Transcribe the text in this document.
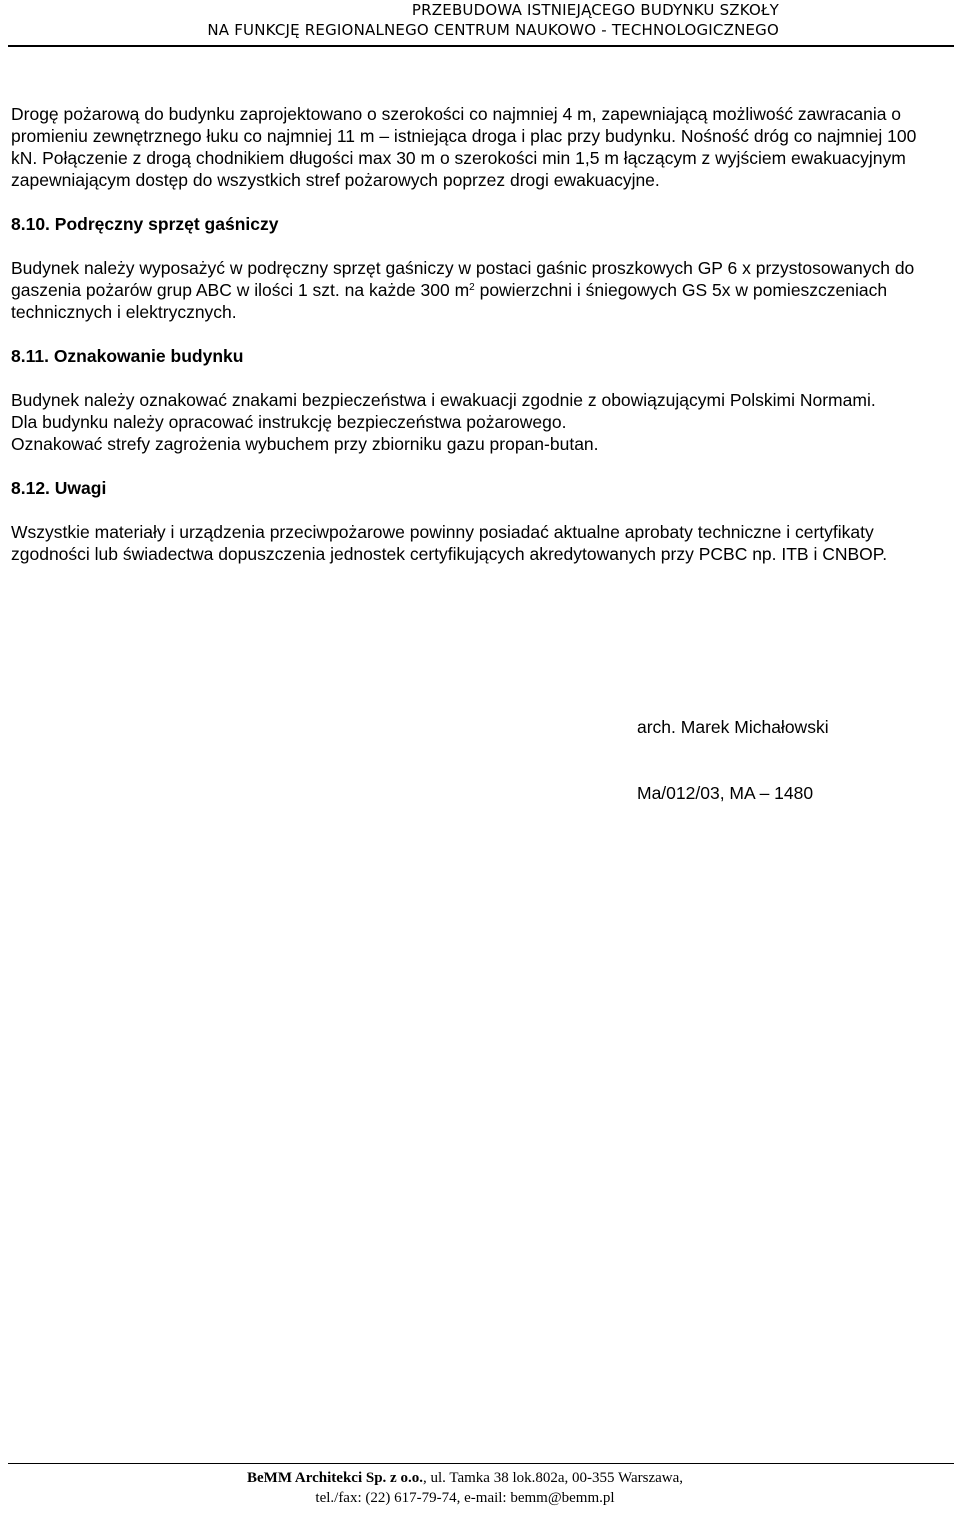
PRZEBUDOWA ISTNIEJĄCEGO BUDYNKU SZKOŁY
NA FUNKCJĘ REGIONALNEGO CENTRUM NAUKOWO - TECHNOLOGICZNEGO

Drogę pożarową do budynku zaprojektowano o szerokości co najmniej 4 m, zapewniającą możliwość zawracania o promieniu zewnętrznego łuku co najmniej 11 m – istniejąca droga i plac przy budynku. Nośność dróg co najmniej 100 kN. Połączenie z drogą chodnikiem długości max 30 m o szerokości min 1,5 m łączącym z wyjściem ewakuacyjnym zapewniającym dostęp do wszystkich stref pożarowych poprzez drogi ewakuacyjne.

8.10. Podręczny sprzęt gaśniczy

Budynek należy wyposażyć w podręczny sprzęt gaśniczy w postaci gaśnic proszkowych GP 6 x przystosowanych do gaszenia pożarów grup ABC w ilości 1 szt. na każde 300 $m^2$ powierzchni i śniegowych GS 5x w pomieszczeniach technicznych i elektrycznych.

8.11. Oznakowanie budynku

Budynek należy oznakować znakami bezpieczeństwa i ewakuacji zgodnie z obowiązującymi Polskimi Normami.

Dla budynku należy opracować instrukcję bezpieczeństwa pożarowego.

Oznakować strefy zagrożenia wybuchem przy zbiorniku gazu propan-butan.

8.12. Uwagi

Wszystkie materiały i urządzenia przeciwpożarowe powinny posiadać aktualne aprobaty techniczne i certyfikaty zgodności lub świadectwa dopuszczenia jednostek certyfikujących akredytowanych przy PCBC np. ITB i CNBOP.

arch. Marek Michałowski
Ma/012/03, MA – 1480
BeMM Architekci Sp. z o.o., ul. Tamka 38 lok.802a, 00-355 Warszawa,
tel./fax: (22) 617-79-74, e-mail: bemm@bemm.pl
